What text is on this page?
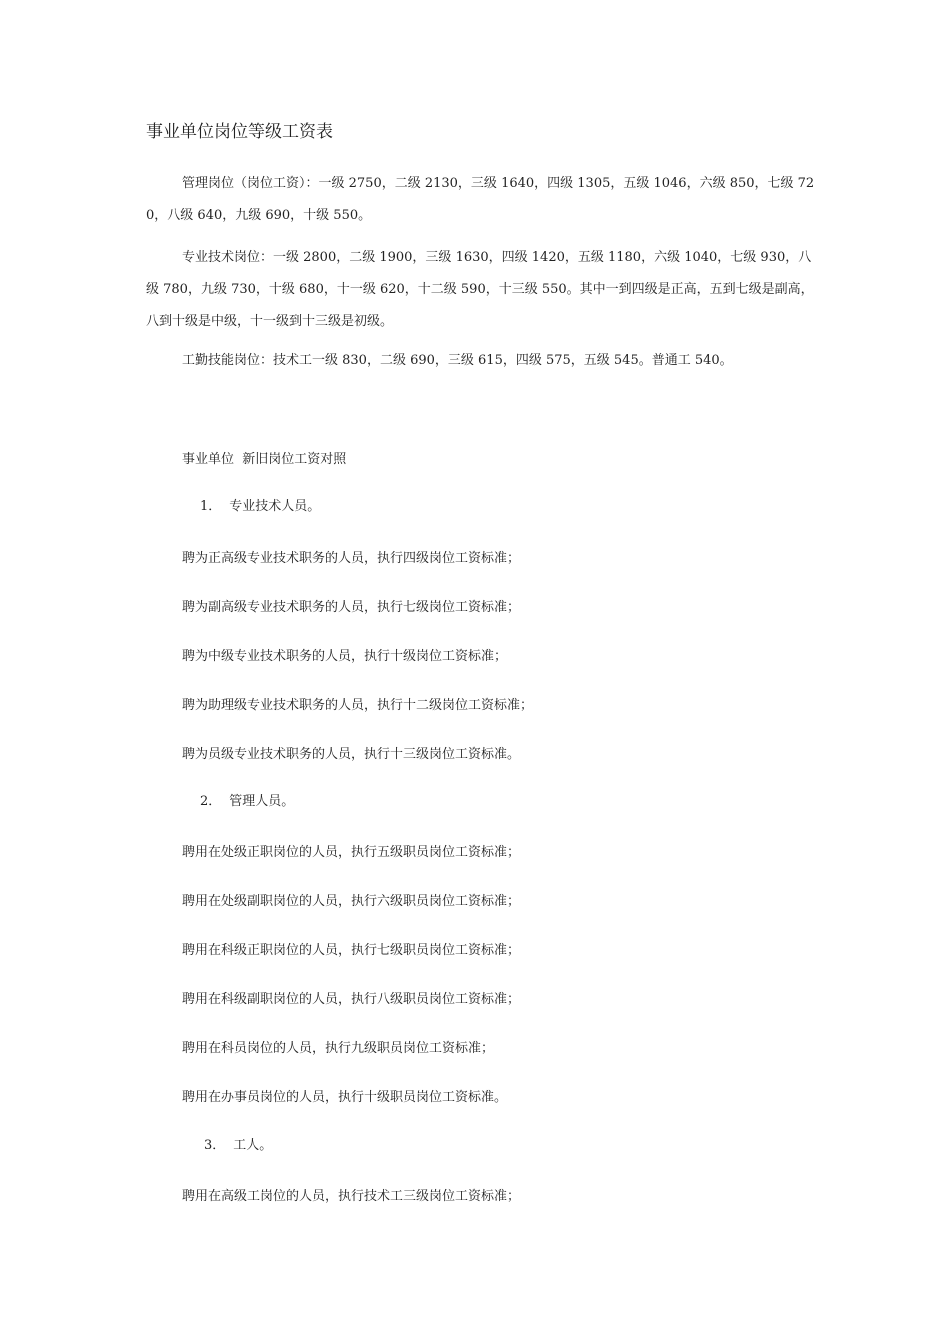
事业单位岗位等级工资表
管理岗位（岗位工资）：一级 2750，二级 2130，三级 1640，四级 1305，五级 1046，六级 850，七级 720，八级 640，九级 690，十级 550。
专业技术岗位：一级 2800，二级 1900，三级 1630，四级 1420，五级 1180，六级 1040，七级 930，八级 780，九级 730，十级 680，十一级 620，十二级 590，十三级 550。其中一到四级是正高，五到七级是副高，八到十级是中级，十一级到十三级是初级。
工勤技能岗位：技术工一级 830，二级 690，三级 615，四级 575，五级 545。普通工 540。
事业单位  新旧岗位工资对照
1． 专业技术人员。
聘为正高级专业技术职务的人员，执行四级岗位工资标准；
聘为副高级专业技术职务的人员，执行七级岗位工资标准；
聘为中级专业技术职务的人员，执行十级岗位工资标准；
聘为助理级专业技术职务的人员，执行十二级岗位工资标准；
聘为员级专业技术职务的人员，执行十三级岗位工资标准。
2． 管理人员。
聘用在处级正职岗位的人员，执行五级职员岗位工资标准；
聘用在处级副职岗位的人员，执行六级职员岗位工资标准；
聘用在科级正职岗位的人员，执行七级职员岗位工资标准；
聘用在科级副职岗位的人员，执行八级职员岗位工资标准；
聘用在科员岗位的人员，执行九级职员岗位工资标准；
聘用在办事员岗位的人员，执行十级职员岗位工资标准。
3． 工人。
聘用在高级工岗位的人员，执行技术工三级岗位工资标准；
